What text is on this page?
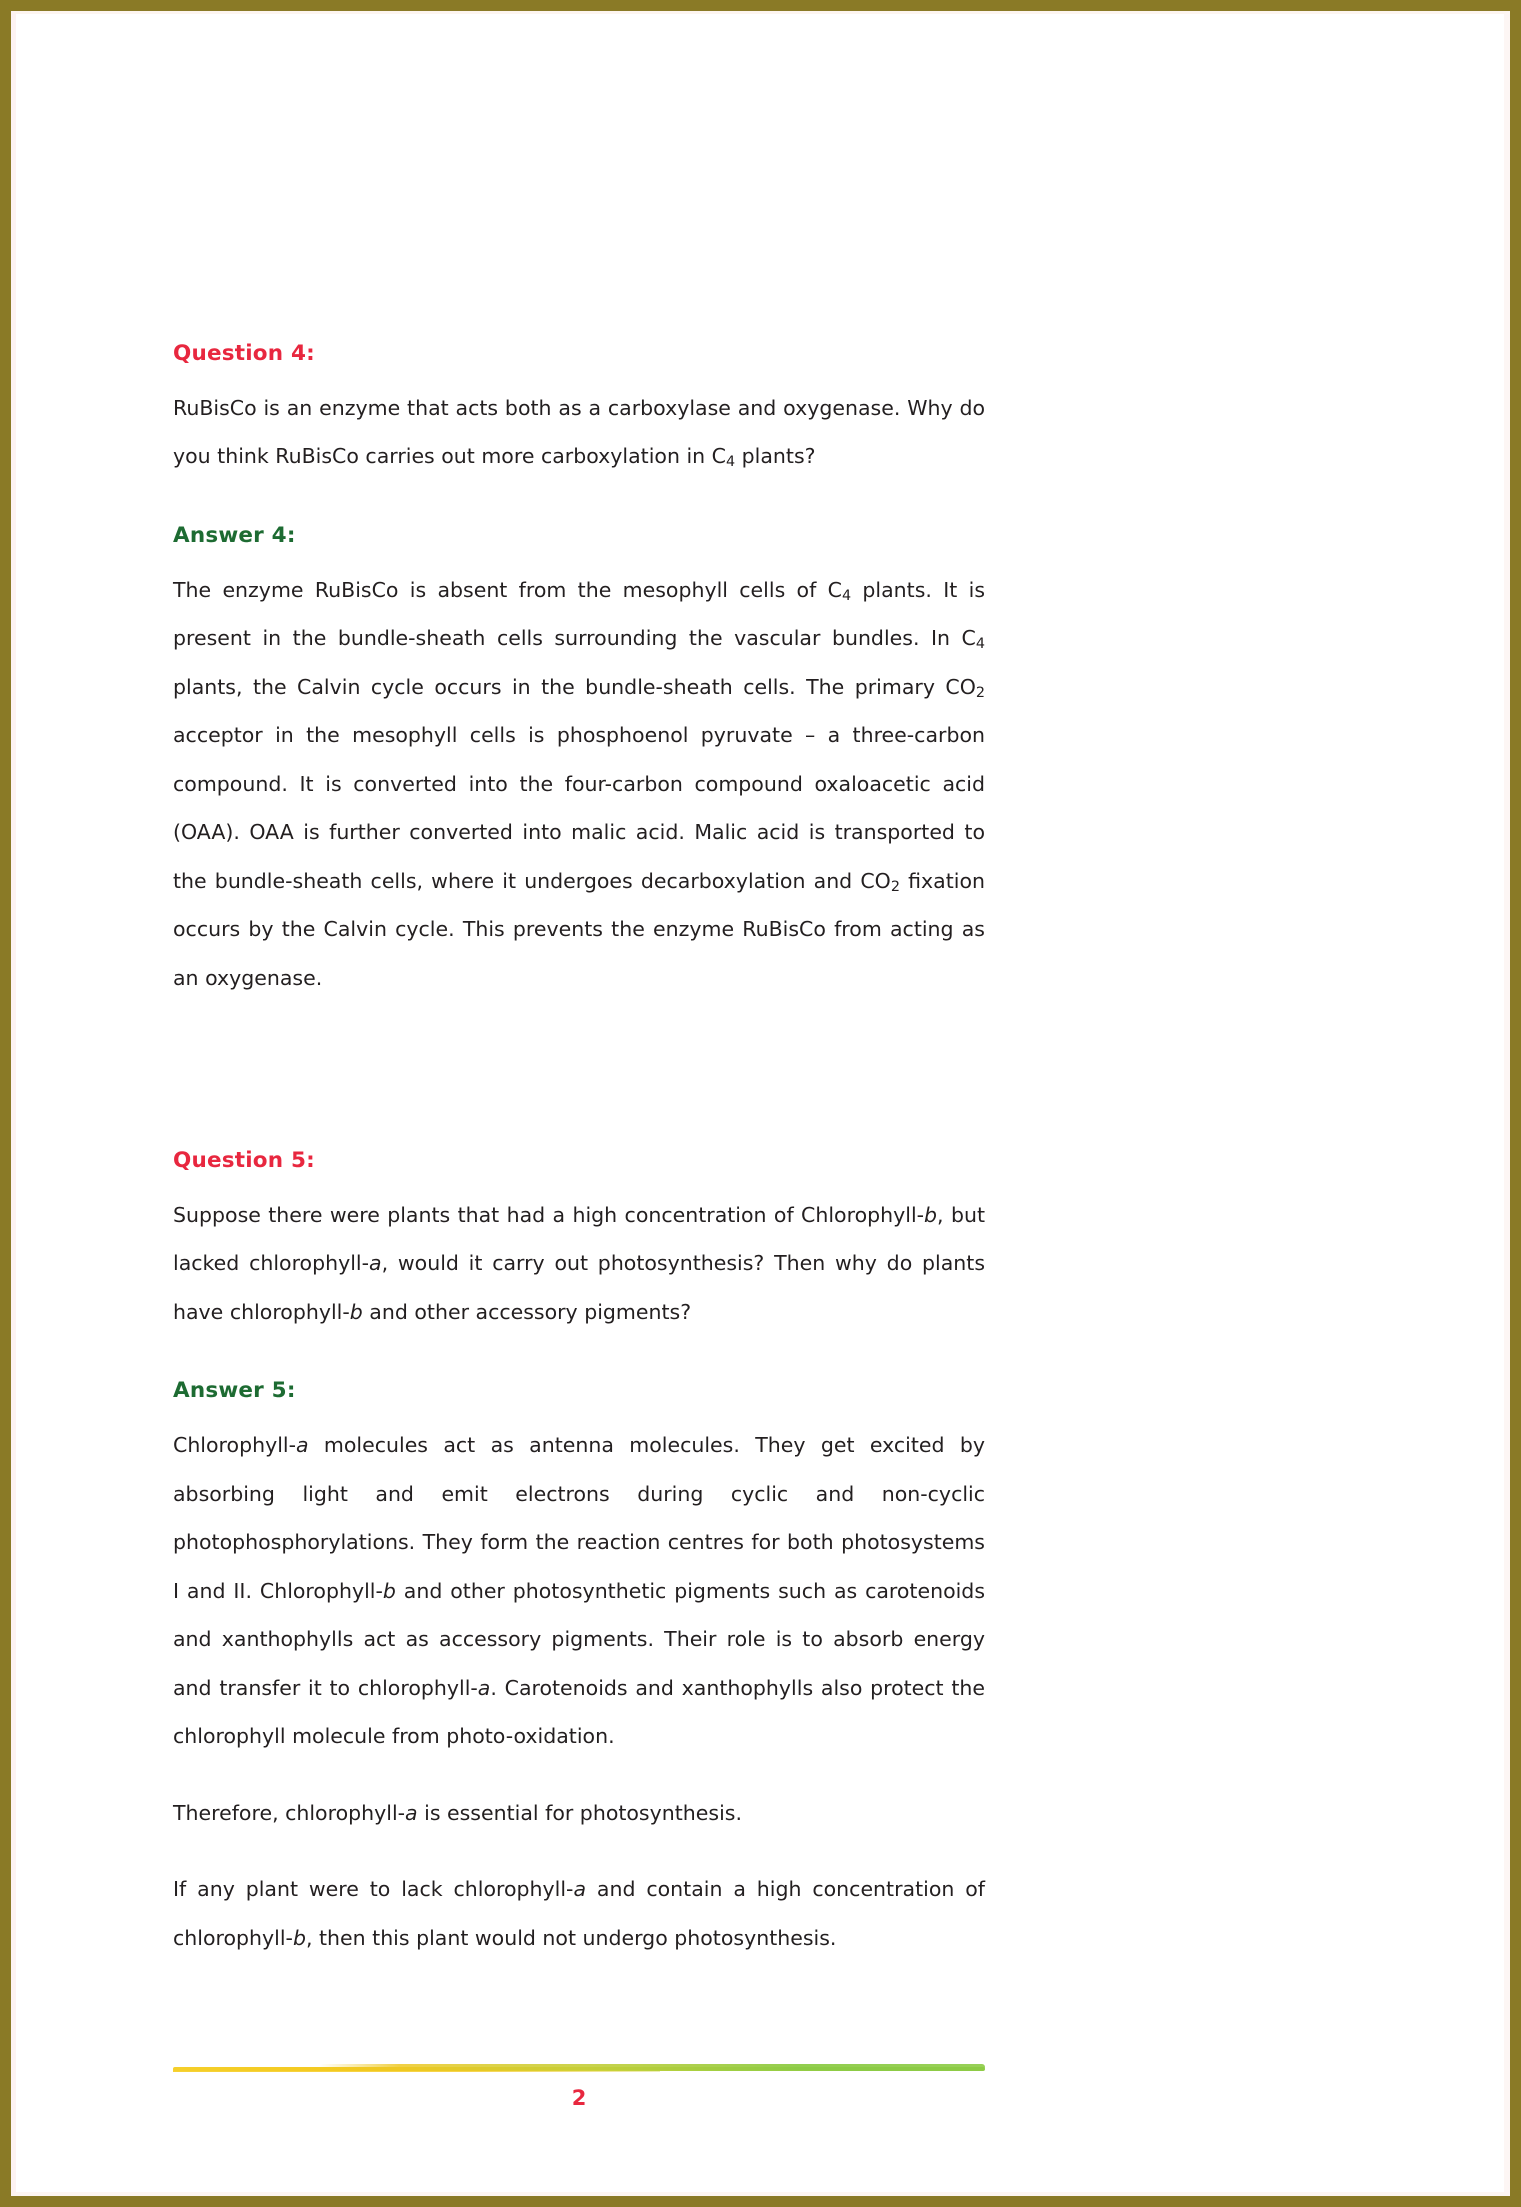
Question 4:

RuBisCo is an enzyme that acts both as a carboxylase and oxygenase. Why do you think RuBisCo carries out more carboxylation in $C_4$ plants?

Answer 4:

The enzyme RuBisCo is absent from the mesophyll cells of $C_4$ plants. It is present in the bundle-sheath cells surrounding the vascular bundles. In $C_4$ plants, the Calvin cycle occurs in the bundle-sheath cells. The primary $CO_2$ acceptor in the mesophyll cells is phosphoenol pyruvate – a three-carbon compound. It is converted into the four-carbon compound oxaloacetic acid (OAA). OAA is further converted into malic acid. Malic acid is transported to the bundle-sheath cells, where it undergoes decarboxylation and $CO_2$ fixation occurs by the Calvin cycle. This prevents the enzyme RuBisCo from acting as an oxygenase.

Question 5:

Suppose there were plants that had a high concentration of Chlorophyll-b, but lacked chlorophyll-a, would it carry out photosynthesis? Then why do plants have chlorophyll-b and other accessory pigments?

Answer 5:

Chlorophyll-a molecules act as antenna molecules. They get excited by absorbing light and emit electrons during cyclic and non-cyclic photophosphorylations. They form the reaction centres for both photosystems I and II. Chlorophyll-b and other photosynthetic pigments such as carotenoids and xanthophylls act as accessory pigments. Their role is to absorb energy and transfer it to chlorophyll-a. Carotenoids and xanthophylls also protect the chlorophyll molecule from photo-oxidation.

Therefore, chlorophyll-a is essential for photosynthesis.

If any plant were to lack chlorophyll-a and contain a high concentration of chlorophyll-b, then this plant would not undergo photosynthesis.

2
